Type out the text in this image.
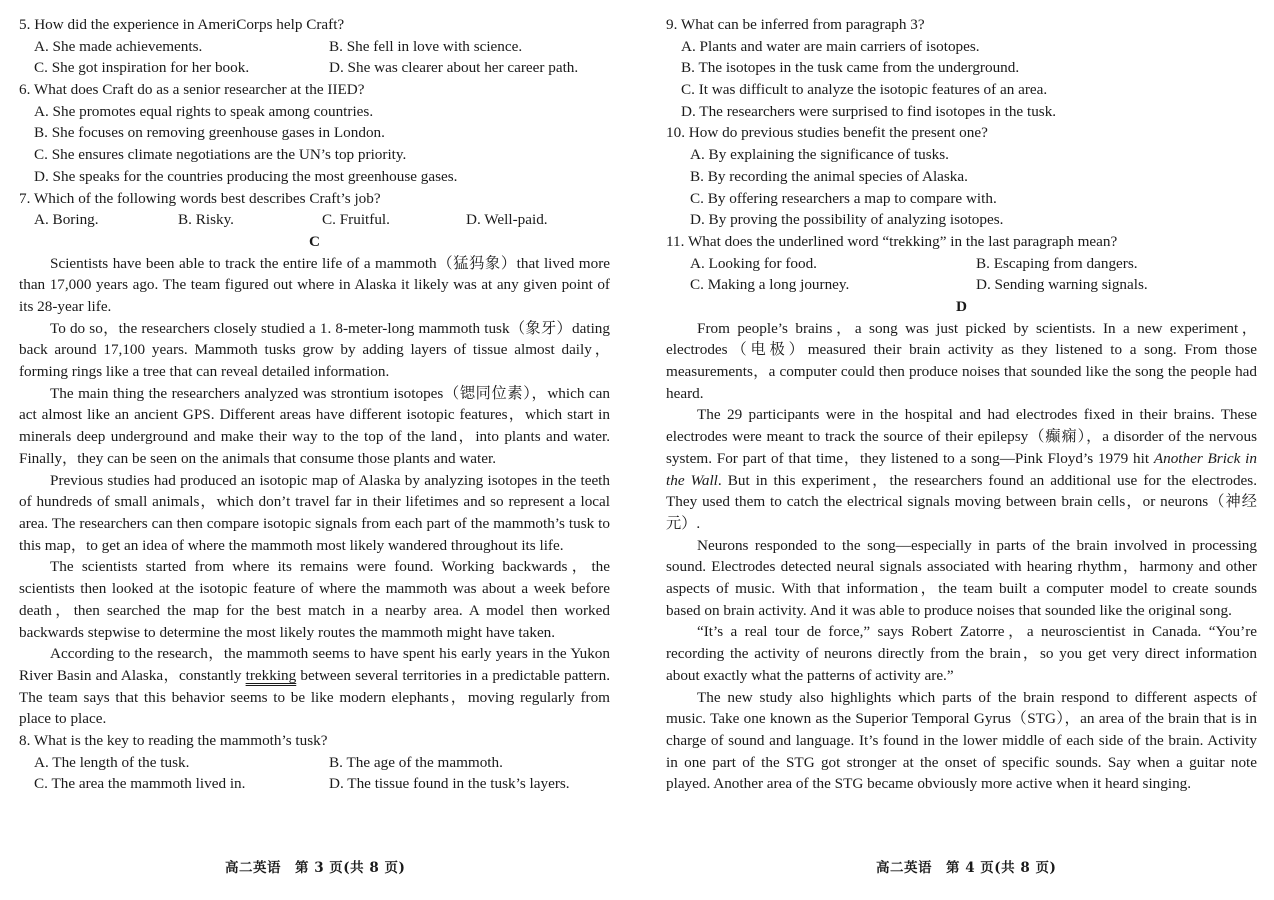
5. How did the experience in AmeriCorps help Craft?
A. She made achievements.	B. She fell in love with science.
C. She got inspiration for her book.	D. She was clearer about her career path.
6. What does Craft do as a senior researcher at the IIED?
A. She promotes equal rights to speak among countries.
B. She focuses on removing greenhouse gases in London.
C. She ensures climate negotiations are the UN’s top priority.
D. She speaks for the countries producing the most greenhouse gases.
7. Which of the following words best describes Craft’s job?
A. Boring.	B. Risky.	C. Fruitful.	D. Well-paid.
C

Scientists have been able to track the entire life of a mammoth（猛犸象）that lived more than 17,000 years ago. The team figured out where in Alaska it likely was at any given point of its 28-year life.

To do so，the researchers closely studied a 1. 8-meter-long mammoth tusk（象牙）dating back around 17,100 years. Mammoth tusks grow by adding layers of tissue almost daily，forming rings like a tree that can reveal detailed information.

The main thing the researchers analyzed was strontium isotopes（锶同位素），which can act almost like an ancient GPS. Different areas have different isotopic features，which start in minerals deep underground and make their way to the top of the land，into plants and water. Finally，they can be seen on the animals that consume those plants and water.

Previous studies had produced an isotopic map of Alaska by analyzing isotopes in the teeth of hundreds of small animals，which don’t travel far in their lifetimes and so represent a local area. The researchers can then compare isotopic signals from each part of the mammoth’s tusk to this map，to get an idea of where the mammoth most likely wandered throughout its life.

The scientists started from where its remains were found. Working backwards，the scientists then looked at the isotopic feature of where the mammoth was about a week before death，then searched the map for the best match in a nearby area. A model then worked backwards stepwise to determine the most likely routes the mammoth might have taken.

According to the research，the mammoth seems to have spent his early years in the Yukon River Basin and Alaska，constantly trekking between several territories in a predictable pattern. The team says that this behavior seems to be like modern elephants，moving regularly from place to place.

8. What is the key to reading the mammoth’s tusk?
A. The length of the tusk.	B. The age of the mammoth.
C. The area the mammoth lived in.	D. The tissue found in the tusk’s layers.
高二英语　第 3 页(共 8 页)
9. What can be inferred from paragraph 3?
A. Plants and water are main carriers of isotopes.
B. The isotopes in the tusk came from the underground.
C. It was difficult to analyze the isotopic features of an area.
D. The researchers were surprised to find isotopes in the tusk.
10. How do previous studies benefit the present one?
A. By explaining the significance of tusks.
B. By recording the animal species of Alaska.
C. By offering researchers a map to compare with.
D. By proving the possibility of analyzing isotopes.
11. What does the underlined word “trekking” in the last paragraph mean?
A. Looking for food.	B. Escaping from dangers.
C. Making a long journey.	D. Sending warning signals.
D

From people’s brains，a song was just picked by scientists. In a new experiment，electrodes（电极）measured their brain activity as they listened to a song. From those measurements，a computer could then produce noises that sounded like the song the people had heard.

The 29 participants were in the hospital and had electrodes fixed in their brains. These electrodes were meant to track the source of their epilepsy（癫痫），a disorder of the nervous system. For part of that time，they listened to a song—Pink Floyd’s 1979 hit Another Brick in the Wall. But in this experiment，the researchers found an additional use for the electrodes. They used them to catch the electrical signals moving between brain cells，or neurons（神经元）.

Neurons responded to the song—especially in parts of the brain involved in processing sound. Electrodes detected neural signals associated with hearing rhythm，harmony and other aspects of music. With that information，the team built a computer model to create sounds based on brain activity. And it was able to produce noises that sounded like the original song.

“It’s a real tour de force,” says Robert Zatorre，a neuroscientist in Canada. “You’re recording the activity of neurons directly from the brain，so you get very direct information about exactly what the patterns of activity are.”

The new study also highlights which parts of the brain respond to different aspects of music. Take one known as the Superior Temporal Gyrus（STG），an area of the brain that is in charge of sound and language. It’s found in the lower middle of each side of the brain. Activity in one part of the STG got stronger at the onset of specific sounds. Say when a guitar note played. Another area of the STG became obviously more active when it heard singing.

高二英语　第 4 页(共 8 页)
